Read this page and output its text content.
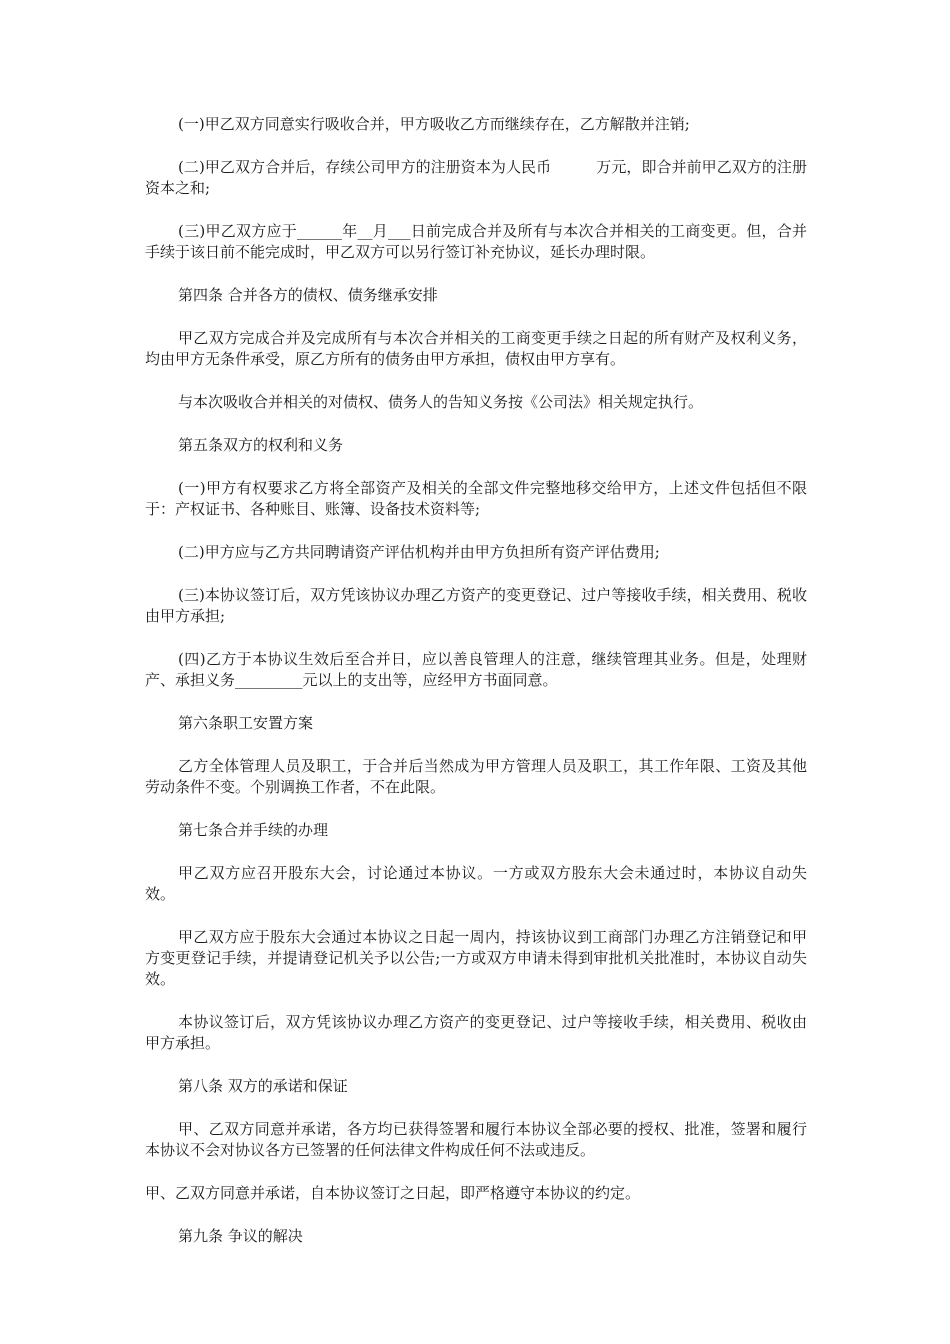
(一)甲乙双方同意实行吸收合并，甲方吸收乙方而继续存在，乙方解散并注销;

(二)甲乙双方合并后，存续公司甲方的注册资本为人民币　　　万元，即合并前甲乙双方的注册资本之和;

(三)甲乙双方应于______年__月___日前完成合并及所有与本次合并相关的工商变更。但，合并手续于该日前不能完成时，甲乙双方可以另行签订补充协议，延长办理时限。

第四条 合并各方的债权、债务继承安排

甲乙双方完成合并及完成所有与本次合并相关的工商变更手续之日起的所有财产及权利义务，均由甲方无条件承受，原乙方所有的债务由甲方承担，债权由甲方享有。

与本次吸收合并相关的对债权、债务人的告知义务按《公司法》相关规定执行。

第五条双方的权利和义务

(一)甲方有权要求乙方将全部资产及相关的全部文件完整地移交给甲方，上述文件包括但不限于：产权证书、各种账目、账簿、设备技术资料等;

(二)甲方应与乙方共同聘请资产评估机构并由甲方负担所有资产评估费用;

(三)本协议签订后，双方凭该协议办理乙方资产的变更登记、过户等接收手续，相关费用、税收由甲方承担;

(四)乙方于本协议生效后至合并日，应以善良管理人的注意，继续管理其业务。但是，处理财产、承担义务_________元以上的支出等，应经甲方书面同意。

第六条职工安置方案

乙方全体管理人员及职工，于合并后当然成为甲方管理人员及职工，其工作年限、工资及其他劳动条件不变。个别调换工作者，不在此限。

第七条合并手续的办理

甲乙双方应召开股东大会，讨论通过本协议。一方或双方股东大会未通过时，本协议自动失效。

甲乙双方应于股东大会通过本协议之日起一周内，持该协议到工商部门办理乙方注销登记和甲方变更登记手续，并提请登记机关予以公告;一方或双方申请未得到审批机关批准时，本协议自动失效。

本协议签订后，双方凭该协议办理乙方资产的变更登记、过户等接收手续，相关费用、税收由甲方承担。

第八条 双方的承诺和保证

甲、乙双方同意并承诺，各方均已获得签署和履行本协议全部必要的授权、批准，签署和履行本协议不会对协议各方已签署的任何法律文件构成任何不法或违反。

甲、乙双方同意并承诺，自本协议签订之日起，即严格遵守本协议的约定。

第九条 争议的解决
